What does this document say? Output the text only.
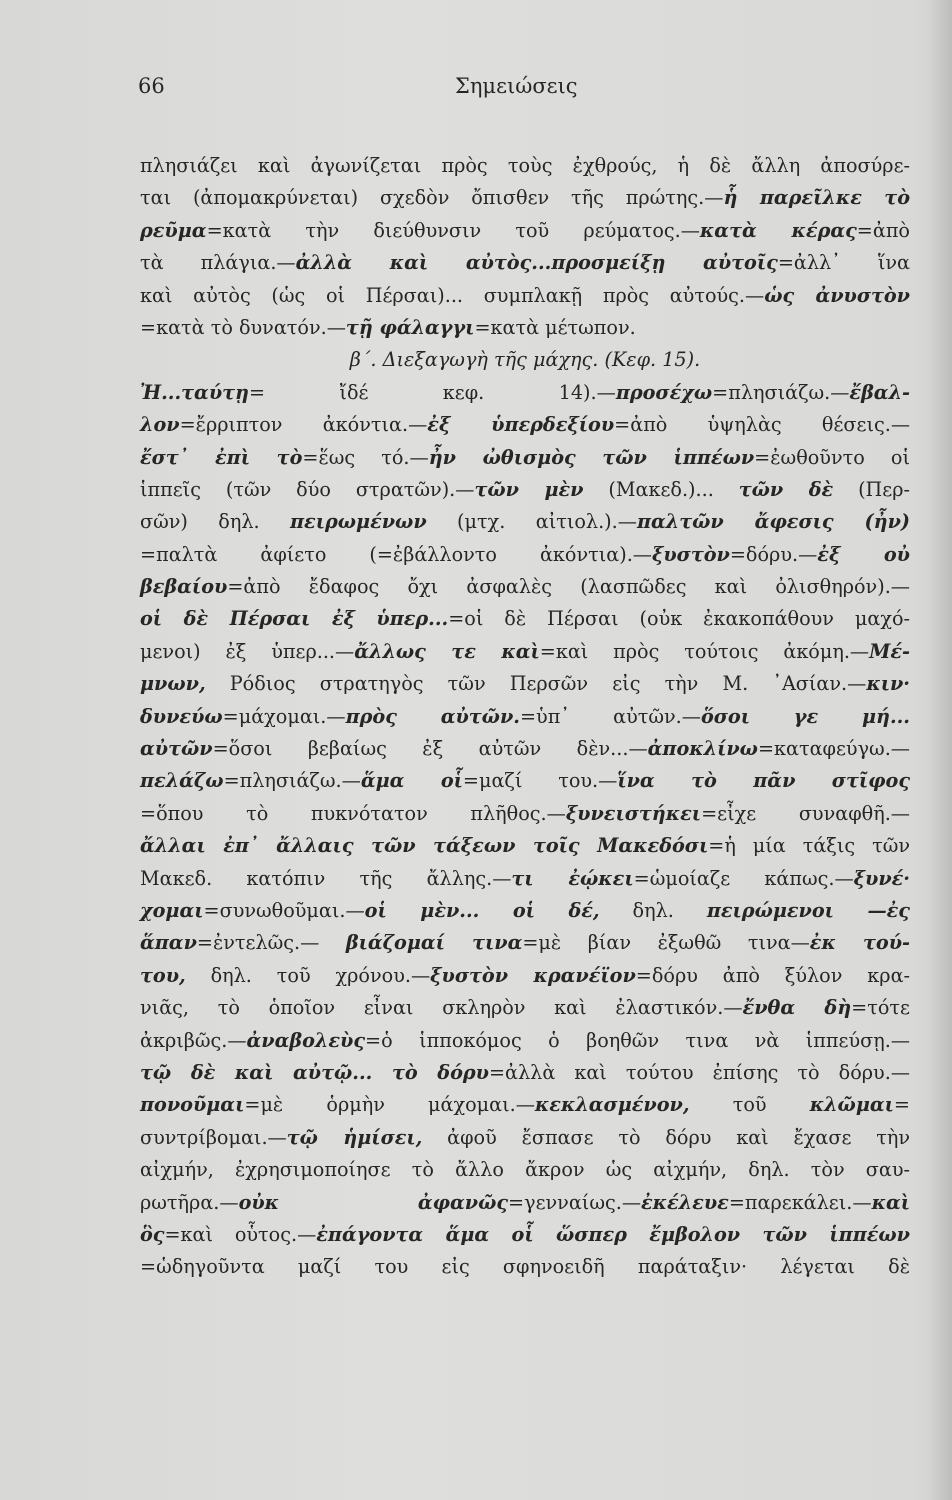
66	Σημειώσεις
πλησιάζει καὶ ἀγωνίζεται πρὸς τοὺς ἐχθρούς, ἡ δὲ ἄλλη ἀποσύρε-
ται (ἀπομακρύνεται) σχεδὸν ὄπισθεν τῆς πρώτης.—ἧ παρεῖλκε τὸ
ρεῦμα=κατὰ τὴν διεύθυνσιν τοῦ ρεύματος.—κατὰ κέρας=ἀπὸ
τὰ πλάγια.—ἀλλὰ καὶ αὐτὸς...προσμείξῃ αὐτοῖς=ἀλλ᾽ ἵνα
καὶ αὐτὸς (ὡς οἱ Πέρσαι)... συμπλακῇ πρὸς αὐτούς.—ὡς ἀνυστὸν
=κατὰ τὸ δυνατόν.—τῇ φάλαγγι=κατὰ μέτωπον.
β΄. Διεξαγωγὴ τῆς μάχης. (Κεφ. 15).
Ἠ...ταύτῃ= ἴδέ κεφ. 14).—προσέχω=πλησιάζω.—ἔβαλ-
λον=ἔρριπτον ἀκόντια.—ἐξ ὑπερδεξίου=ἀπὸ ὑψηλὰς θέσεις.—
ἔστ᾽ ἐπὶ τὸ=ἕως τό.—ἦν ὠθισμὸς τῶν ἱππέων=ἐωθοῦντο οἱ
ἱππεῖς (τῶν δύο στρατῶν).—τῶν μὲν (Μακεδ.)... τῶν δὲ (Περ-
σῶν) δηλ. πειρωμένων (μτχ. αἰτιολ.).—παλτῶν ἄφεσις (ἦν)
=παλτὰ ἀφίετο (=ἐβάλλοντο ἀκόντια).—ξυστὸν=δόρυ.—ἐξ οὐ
βεβαίου=ἀπὸ ἔδαφος ὄχι ἀσφαλὲς (λασπῶδες καὶ ὀλισθηρόν).—
οἱ δὲ Πέρσαι ἐξ ὑπερ...=οἱ δὲ Πέρσαι (οὐκ ἐκακοπάθουν μαχό-
μενοι) ἐξ ὑπερ...—ἄλλως τε καὶ=καὶ πρὸς τούτοις ἀκόμη.—Μέ-
μνων, Ρόδιος στρατηγὸς τῶν Περσῶν εἰς τὴν Μ. ᾽Ασίαν.—κιν·
δυνεύω=μάχομαι.—πρὸς αὐτῶν.=ὑπ᾽ αὐτῶν.—ὅσοι γε μή...
αὐτῶν=ὅσοι βεβαίως ἐξ αὐτῶν δὲν...—ἀποκλίνω=καταφεύγω.—
πελάζω=πλησιάζω.—ἅμα οἷ=μαζί του.—ἵνα τὸ πᾶν στῖφος
=ὅπου τὸ πυκνότατον πλῆθος.—ξυνειστήκει=εἶχε συναφθῆ.—
ἄλλαι ἐπ᾽ ἄλλαις τῶν τάξεων τοῖς Μακεδόσι=ἡ μία τάξις τῶν
Μακεδ. κατόπιν τῆς ἄλλης.—τι ἐῴκει=ὡμοίαζε κάπως.—ξυνέ·
χομαι=συνωθοῦμαι.—οἱ μὲν... οἱ δέ, δηλ. πειρώμενοι —ἐς
ἅπαν=ἐντελῶς.— βιάζομαί τινα=μὲ βίαν ἐξωθῶ τινα—ἐκ τού-
του, δηλ. τοῦ χρόνου.—ξυστὸν κρανέϊον=δόρυ ἀπὸ ξύλον κρα-
νιᾶς, τὸ ὁποῖον εἶναι σκληρὸν καὶ ἐλαστικόν.—ἔνθα δὴ=τότε
ἀκριβῶς.—ἀναβολεὺς=ὁ ἱπποκόμος ὁ βοηθῶν τινα νὰ ἱππεύσῃ.—
τῷ δὲ καὶ αὐτῷ... τὸ δόρυ=ἀλλὰ καὶ τούτου ἐπίσης τὸ δόρυ.—
πονοῦμαι=μὲ ὁρμὴν μάχομαι.—κεκλασμένον, τοῦ κλῶμαι=
συντρίβομαι.—τῷ ἡμίσει, ἀφοῦ ἔσπασε τὸ δόρυ καὶ ἔχασε τὴν
αἰχμήν, ἐχρησιμοποίησε τὸ ἄλλο ἄκρον ὡς αἰχμήν, δηλ. τὸν σαυ-
ρωτῆρα.—οὐκ ἀφανῶς=γενναίως.—ἐκέλευε=παρεκάλει.—καὶ
ὃς=καὶ οὗτος.—ἐπάγοντα ἅμα οἷ ὥσπερ ἔμβολον τῶν ἱππέων
=ὡδηγοῦντα μαζί του εἰς σφηνοειδῆ παράταξιν· λέγεται δὲ
